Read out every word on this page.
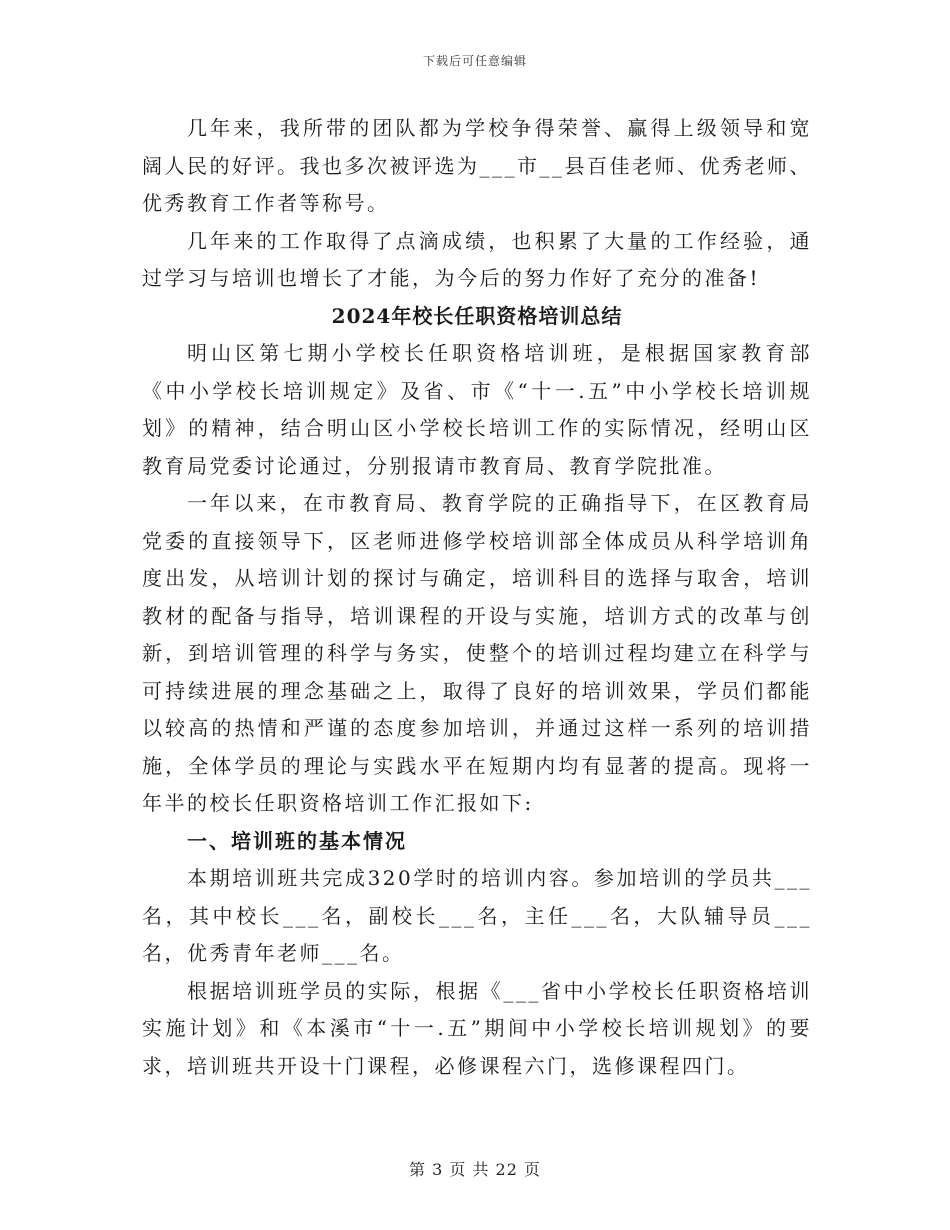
下载后可任意编辑

几年来，我所带的团队都为学校争得荣誉、赢得上级领导和宽阔人民的好评。我也多次被评选为___市__县百佳老师、优秀老师、优秀教育工作者等称号。

几年来的工作取得了点滴成绩，也积累了大量的工作经验，通过学习与培训也增长了才能，为今后的努力作好了充分的准备!

2024年校长任职资格培训总结

明山区第七期小学校长任职资格培训班，是根据国家教育部《中小学校长培训规定》及省、市《“十一.五”中小学校长培训规划》的精神，结合明山区小学校长培训工作的实际情况，经明山区教育局党委讨论通过，分别报请市教育局、教育学院批准。

一年以来，在市教育局、教育学院的正确指导下，在区教育局党委的直接领导下，区老师进修学校培训部全体成员从科学培训角度出发，从培训计划的探讨与确定，培训科目的选择与取舍，培训教材的配备与指导，培训课程的开设与实施，培训方式的改革与创新，到培训管理的科学与务实，使整个的培训过程均建立在科学与可持续进展的理念基础之上，取得了良好的培训效果，学员们都能以较高的热情和严谨的态度参加培训，并通过这样一系列的培训措施，全体学员的理论与实践水平在短期内均有显著的提高。现将一年半的校长任职资格培训工作汇报如下:

一、培训班的基本情况

本期培训班共完成320学时的培训内容。参加培训的学员共___名，其中校长___名，副校长___名，主任___名，大队辅导员___名，优秀青年老师___名。

根据培训班学员的实际，根据《___省中小学校长任职资格培训实施计划》和《本溪市“十一.五”期间中小学校长培训规划》的要求，培训班共开设十门课程，必修课程六门，选修课程四门。

第 3 页 共 22 页
